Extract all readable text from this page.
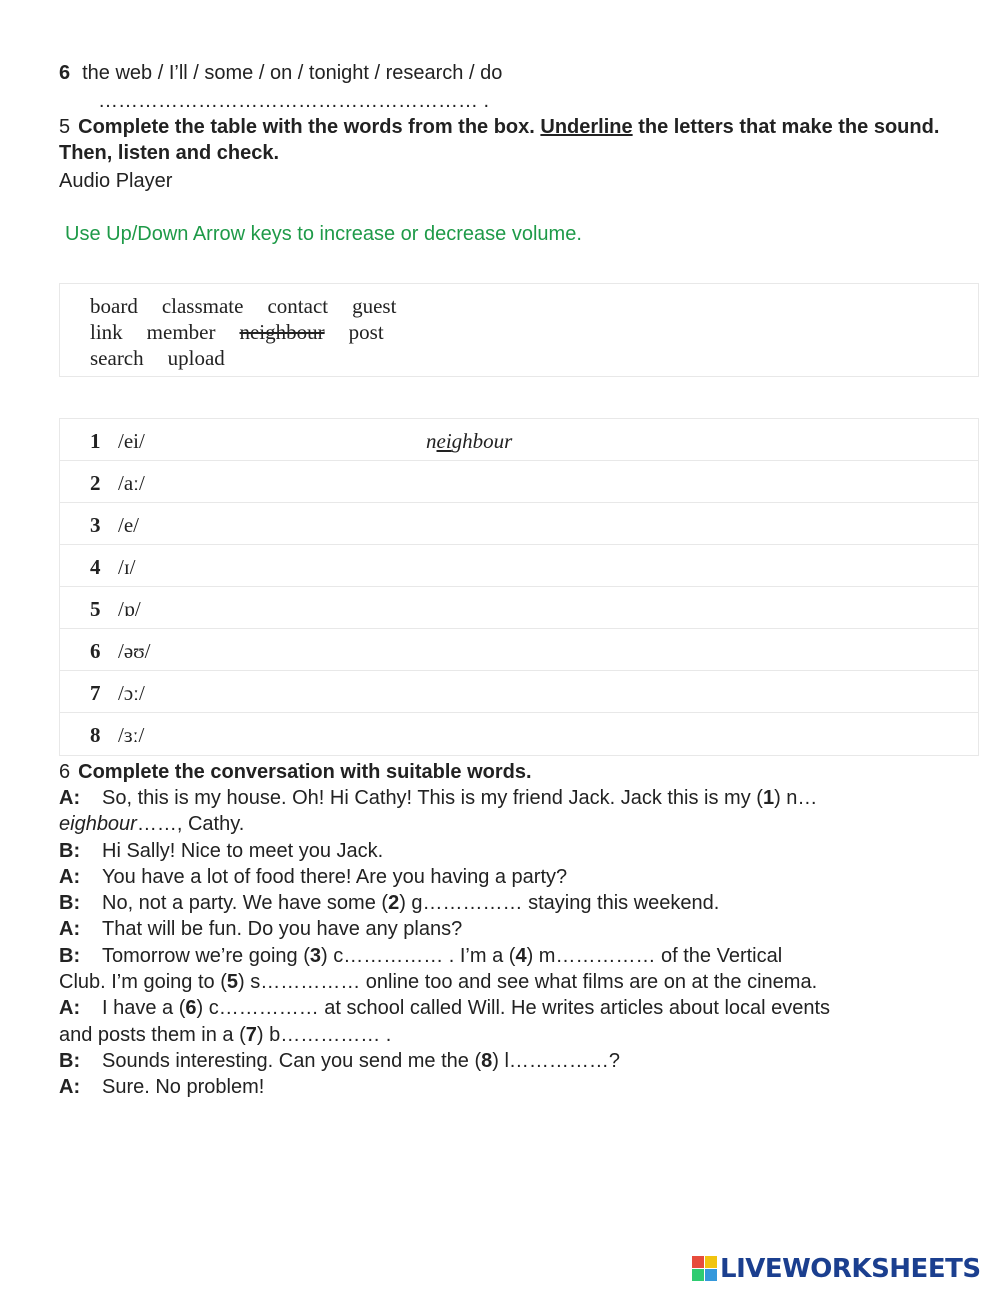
6 the web / I’ll / some / on / tonight / research / do
………………………………………………… .
5 Complete the table with the words from the box. Underline the letters that make the sound. Then, listen and check.
Audio Player
Use Up/Down Arrow keys to increase or decrease volume.
board classmate contact guest
link member neighbour post
search upload
1 /ei/	neighbour
2 /aː/
3 /e/
4 /ɪ/
5 /ɒ/
6 /əʊ/
7 /ɔː/
8 /ɜː/
6 Complete the conversation with suitable words.
A: So, this is my house. Oh! Hi Cathy! This is my friend Jack. Jack this is my (1) n…
eighbour……, Cathy.
B: Hi Sally! Nice to meet you Jack.
A: You have a lot of food there! Are you having a party?
B: No, not a party. We have some (2) g…………… staying this weekend.
A: That will be fun. Do you have any plans?
B: Tomorrow we’re going (3) c…………… . I’m a (4) m…………… of the Vertical
Club. I’m going to (5) s…………… online too and see what films are on at the cinema.
A: I have a (6) c…………… at school called Will. He writes articles about local events
and posts them in a (7) b…………… .
B: Sounds interesting. Can you send me the (8) l……………?
A: Sure. No problem!
LIVEWORKSHEETS
